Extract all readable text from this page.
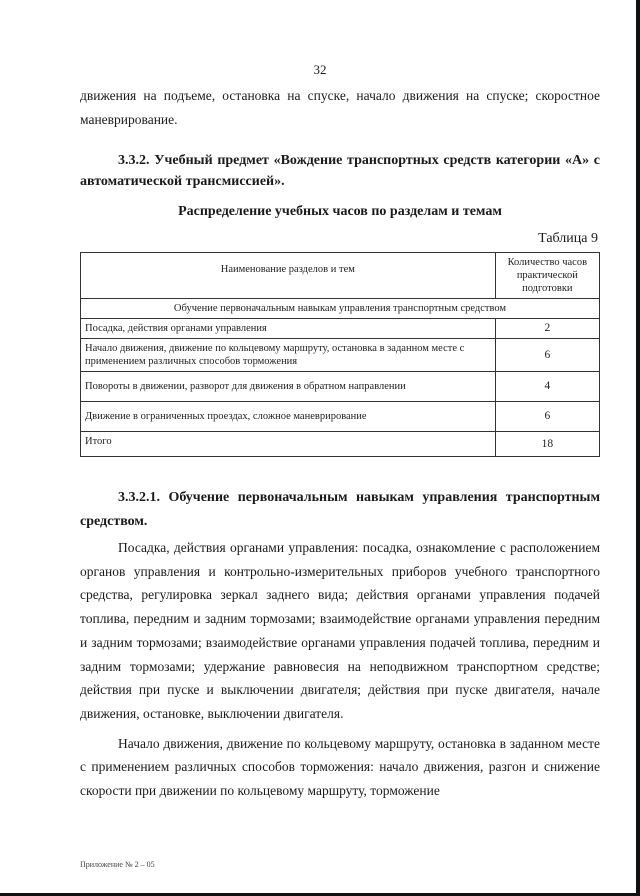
32
движения на подъеме, остановка на спуске, начало движения на спуске; скоростное маневрирование.
3.3.2. Учебный предмет «Вождение транспортных средств категории «А» с автоматической трансмиссией».
Распределение учебных часов по разделам и темам
Таблица 9
Наименование разделов и тем	Количество часов практической подготовки
Обучение первоначальным навыкам управления транспортным средством	
Посадка, действия органами управления	2
Начало движения, движение по кольцевому маршруту, остановка в заданном месте с применением различных способов торможения	6
Повороты в движении, разворот для движения в обратном направлении	4
Движение в ограниченных проездах, сложное маневрирование	6
Итого	18
3.3.2.1. Обучение первоначальным навыкам управления транспортным средством.

Посадка, действия органами управления: посадка, ознакомление с расположением органов управления и контрольно-измерительных приборов учебного транспортного средства, регулировка зеркал заднего вида; действия органами управления подачей топлива, передним и задним тормозами; взаимодействие органами управления передним и задним тормозами; взаимодействие органами управления подачей топлива, передним и задним тормозами; удержание равновесия на неподвижном транспортном средстве; действия при пуске и выключении двигателя; действия при пуске двигателя, начале движения, остановке, выключении двигателя.

Начало движения, движение по кольцевому маршруту, остановка в заданном месте с применением различных способов торможения: начало движения, разгон и снижение скорости при движении по кольцевому маршруту, торможение

Приложение № 2 – 05
